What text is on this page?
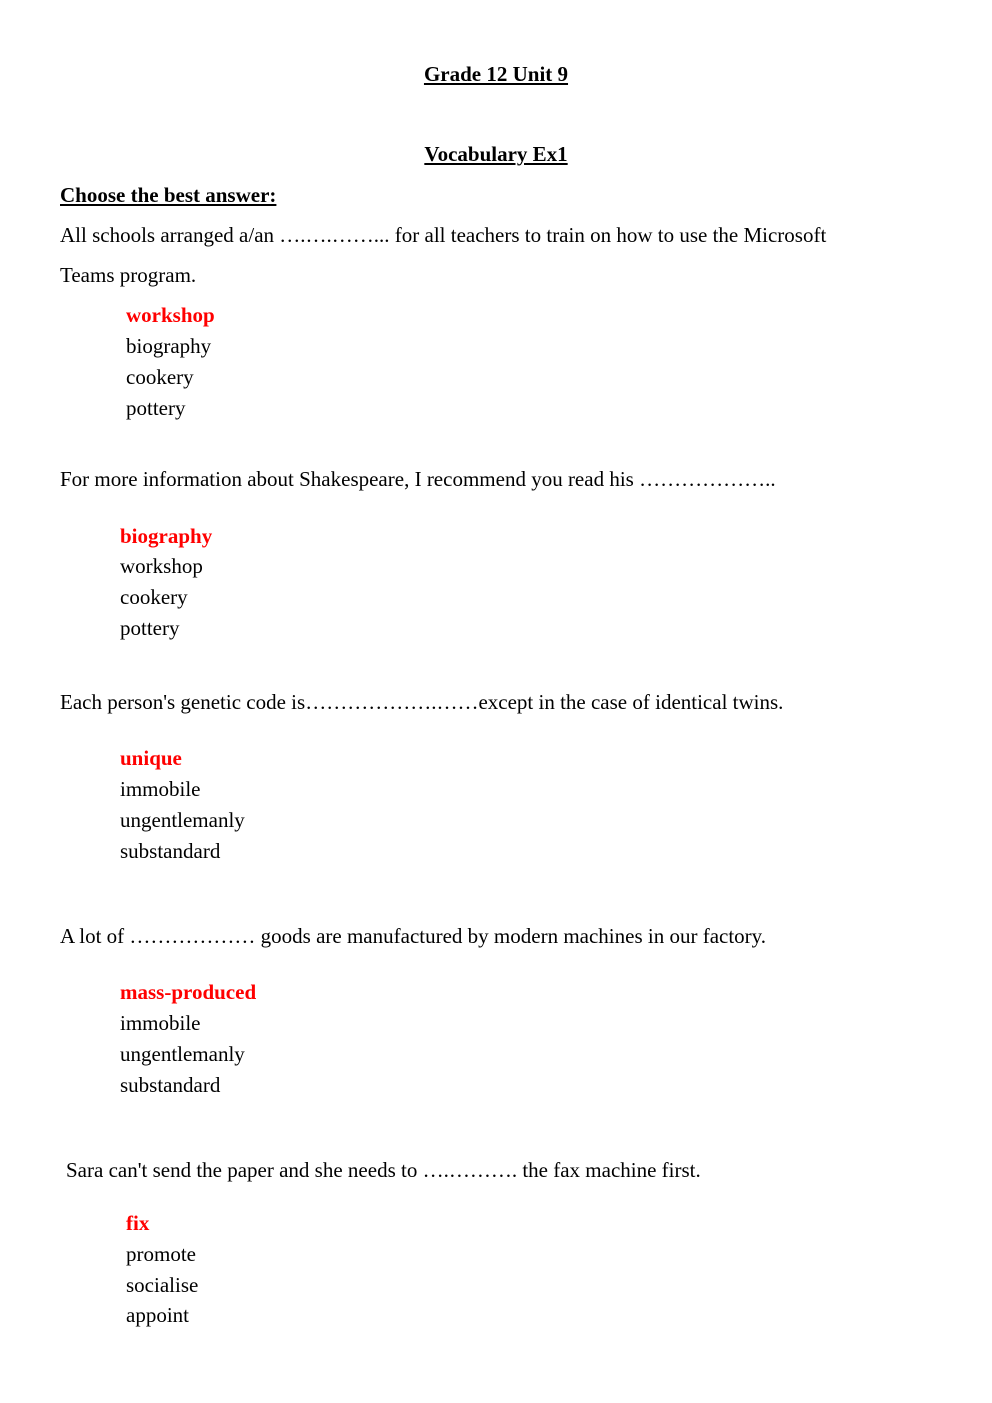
Grade 12 Unit 9
Vocabulary Ex1
Choose the best answer:
All schools arranged a/an ….….……... for all teachers to train on how to use the Microsoft
Teams program.
workshop
biography
cookery
pottery
For more information about Shakespeare, I recommend you read his ………………..
biography
workshop
cookery
pottery
Each person's genetic code is……………….……except in the case of identical twins.
unique
immobile
ungentlemanly
substandard
A lot of ……………… goods are manufactured by modern machines in our factory.
mass-produced
immobile
ungentlemanly
substandard
Sara can't send the paper and she needs to ….………. the fax machine first.
fix
promote
socialise
appoint
